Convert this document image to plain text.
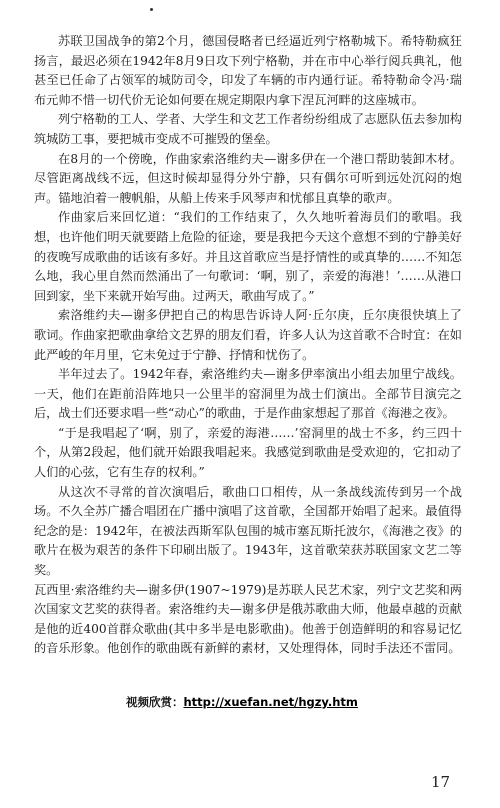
苏联卫国战争的第2个月，德国侵略者已经逼近列宁格勒城下。希特勒疯狂扬言，最迟必须在1942年8月9日攻下列宁格勒，并在市中心举行阅兵典礼，他甚至已任命了占领军的城防司令，印发了车辆的市内通行证。希特勒命令冯·瑞布元帅不惜一切代价无论如何要在规定期限内拿下涅瓦河畔的这座城市。

列宁格勒的工人、学者、大学生和文艺工作者纷纷组成了志愿队伍去参加构筑城防工事，要把城市变成不可摧毁的堡垒。

在8月的一个傍晚，作曲家索洛维约夫—谢多伊在一个港口帮助装卸木材。尽管距离战线不远，但这时候却显得分外宁静，只有偶尔可听到远处沉闷的炮声。锚地泊着一艘帆船，从船上传来手风琴声和忧郁且真挚的歌声。

作曲家后来回忆道：“我们的工作结束了，久久地听着海员们的歌唱。我想，也许他们明天就要踏上危险的征途，要是我把今天这个意想不到的宁静美好的夜晚写成歌曲的话该有多好。并且这首歌应当是抒情性的或真挚的……不知怎么地，我心里自然而然涌出了一句歌词：‘啊，别了，亲爱的海港！’……从港口回到家，坐下来就开始写曲。过两天，歌曲写成了。”

索洛维约夫—谢多伊把自己的构思告诉诗人阿·丘尔庚，丘尔庚很快填上了歌词。作曲家把歌曲拿给文艺界的朋友们看，许多人认为这首歌不合时宜：在如此严峻的年月里，它未免过于宁静、抒情和忧伤了。

半年过去了。1942年春，索洛维约夫—谢多伊率演出小组去加里宁战线。一天，他们在距前沿阵地只一公里半的窑洞里为战士们演出。全部节目演完之后，战士们还要求唱一些“动心”的歌曲，于是作曲家想起了那首《海港之夜》。

“于是我唱起了‘啊，别了，亲爱的海港……’窑洞里的战士不多，约三四十个，从第2段起，他们就开始跟我唱起来。我感觉到歌曲是受欢迎的，它扣动了人们的心弦，它有生存的权利。”

从这次不寻常的首次演唱后，歌曲口口相传，从一条战线流传到另一个战场。不久全苏广播合唱团在广播中演唱了这首歌，全国都开始唱了起来。最值得纪念的是：1942年，在被法西斯军队包围的城市塞瓦斯托波尔，《海港之夜》的歌片在极为艰苦的条件下印刷出版了。1943年，这首歌荣获苏联国家文艺二等奖。

瓦西里·索洛维约夫—谢多伊(1907~1979)是苏联人民艺术家，列宁文艺奖和两次国家文艺奖的获得者。索洛维约夫—谢多伊是俄苏歌曲大师，他最卓越的贡献是他的近400首群众歌曲(其中多半是电影歌曲)。他善于创造鲜明的和容易记忆的音乐形象。他创作的歌曲既有新鲜的素材，又处理得体，同时手法还不雷同。

视频欣赏：http://xuefan.net/hgzy.htm
17
